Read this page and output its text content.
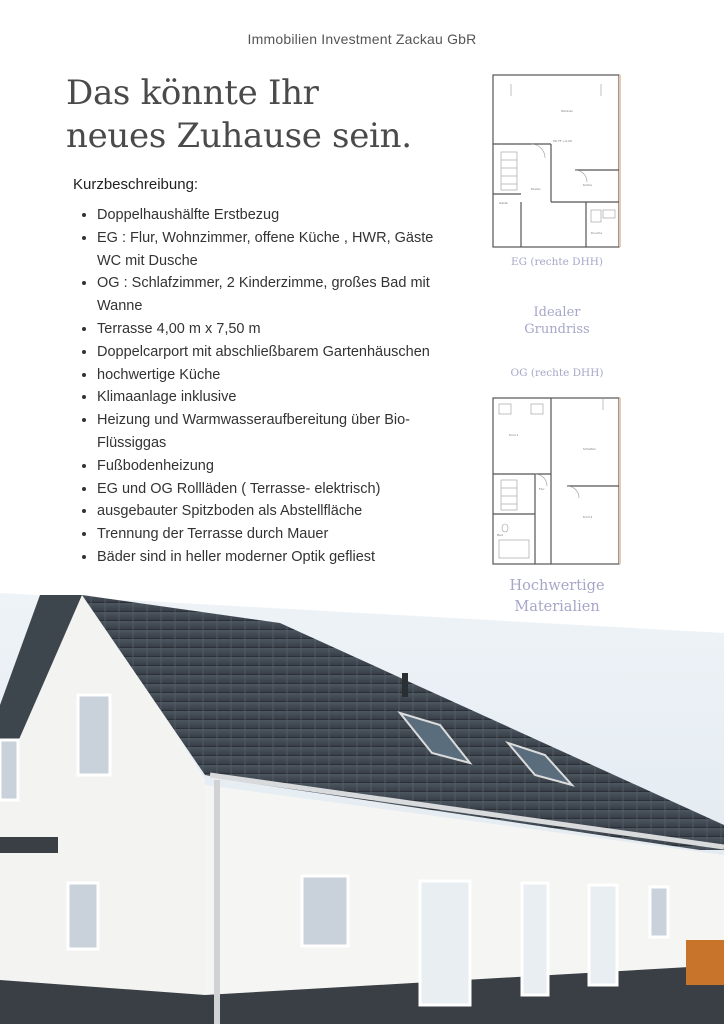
Immobilien Investment Zackau GbR
Das könnte Ihr
neues Zuhause sein.
Kurzbeschreibung:
• Doppelhaushälfte Erstbezug
• EG : Flur, Wohnzimmer, offene Küche , HWR, Gäste WC mit Dusche
• OG : Schlafzimmer, 2 Kinderzimme, großes Bad mit Wanne
• Terrasse 4,00 m x 7,50 m
• Doppelcarport mit abschließbarem Gartenhäuschen
• hochwertige Küche
• Klimaanlage inklusive
• Heizung und Warmwasseraufbereitung über Bio- Flüssiggas
• Fußbodenheizung
• EG und OG Rollläden ( Terrasse- elektrisch)
• ausgebauter Spitzboden als Abstellfläche
• Trennung der Terrasse durch Mauer
• Bäder sind in heller moderner Optik gefliest
Wohnen
OK FF +0,00
Dielen
Küche
Gäste
Dusche
EG (rechte DHH)
Idealer
Grundriss
OG (rechte DHH)
Kind 1
Schlafen
Flur
Kind 2
Bad
Hochwertige
Materialien
